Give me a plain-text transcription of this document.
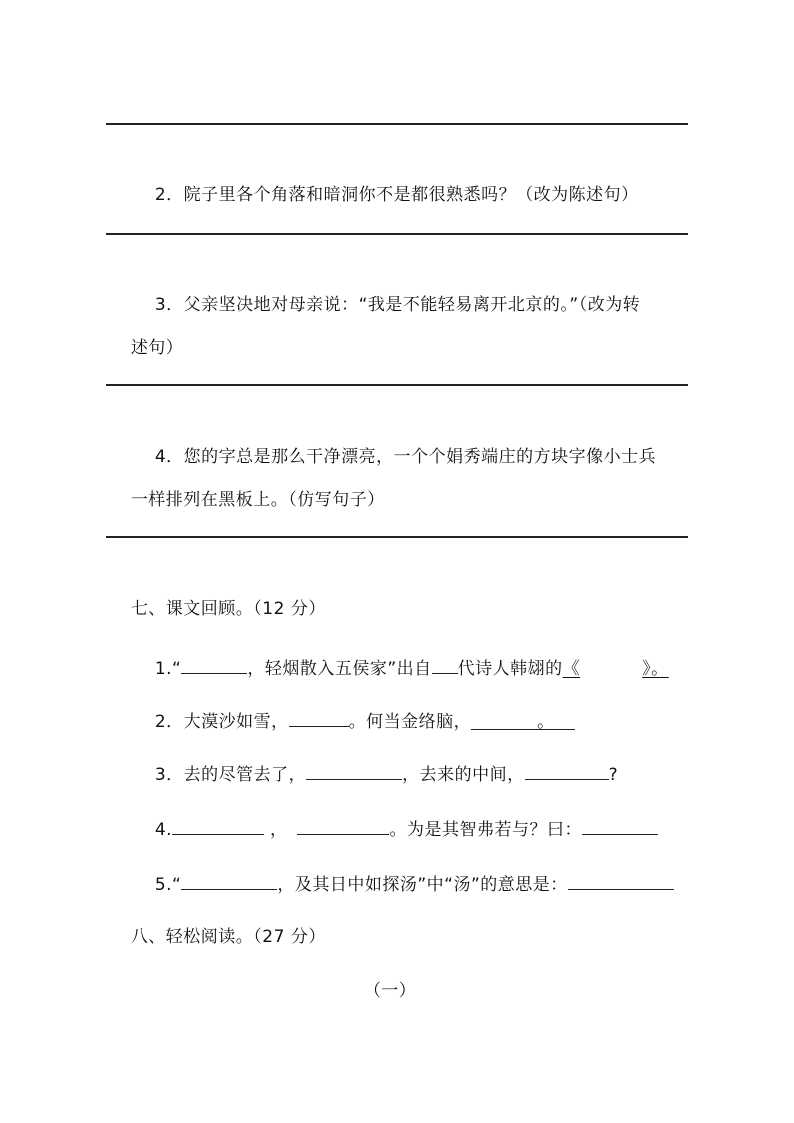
2．院子里各个角落和暗洞你不是都很熟悉吗？（改为陈述句）

3．父亲坚决地对母亲说：“我是不能轻易离开北京的。”（改为转

述句）

4．您的字总是那么干净漂亮，一个个娟秀端庄的方块字像小士兵

一样排列在黑板上。（仿写句子）

七、课文回顾。（12 分）

1.“	，轻烟散入五侯家”出自 代诗人韩翃的《	》。

2．大漠沙如雪，	。何当金络脑，	。

3．去的尽管去了，	，去来的中间，	?

4.	，	。为是其智弗若与？曰：

5.“	，及其日中如探汤”中“汤”的意思是：

八、轻松阅读。（27 分）

（一）
